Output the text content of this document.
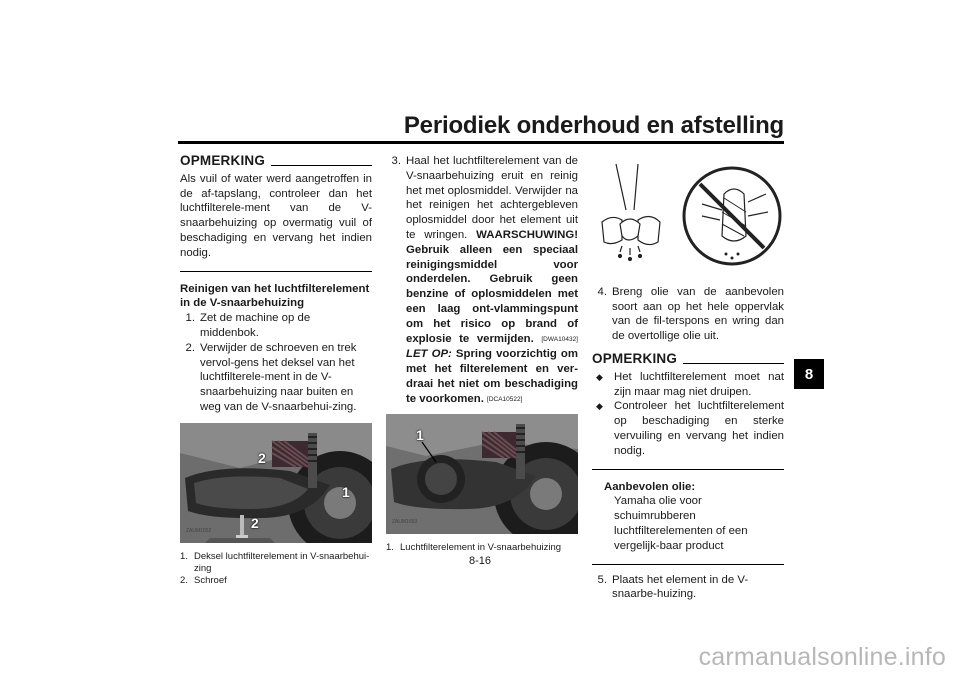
Periodiek onderhoud en afstelling
8
OPMERKING

Als vuil of water werd aangetroffen in de af-tapslang, controleer dan het luchtfilterele-ment van de V-snaarbehuizing op overmatig vuil of beschadiging en vervang het indien nodig.

Reinigen van het luchtfilterelement in de V-snaarbehuizing

1. Zet de machine op de middenbok.
2. Verwijder de schroeven en trek vervol-gens het deksel van het luchtfilterele-ment in de V-snaarbehuizing naar buiten en weg van de V-snaarbehui-zing.
2
1
2
ZAUM1652
1. Deksel luchtfilterelement in V-snaarbehui-zing
2. Schroef
3. Haal het luchtfilterelement van de V-snaarbehuizing eruit en reinig het met oplosmiddel. Verwijder na het reinigen het achtergebleven oplosmiddel door het element uit te wringen. WAARSCHUWING! Gebruik alleen een speciaal reinigingsmiddel voor onderdelen. Gebruik geen benzine of oplosmiddelen met een laag ont-vlammingspunt om het risico op brand of explosie te vermijden. [DWA10432] LET OP: Spring voorzichtig om met het filterelement en ver-draai het niet om beschadiging te voorkomen. [DCA10522]
1
ZAUM1653
1. Luchtfilterelement in V-snaarbehuizing
4. Breng olie van de aanbevolen soort aan op het hele oppervlak van de fil-terspons en wring dan de overtollige olie uit.
OPMERKING
◆ Het luchtfilterelement moet nat zijn maar mag niet druipen.
◆ Controleer het luchtfilterelement op beschadiging en sterke vervuiling en vervang het indien nodig.
Aanbevolen olie:
Yamaha olie voor schuimrubberen luchtfilterelementen of een vergelijk-baar product
5. Plaats het element in de V-snaarbe-huizing.
8-16
carmanualsonline.info
